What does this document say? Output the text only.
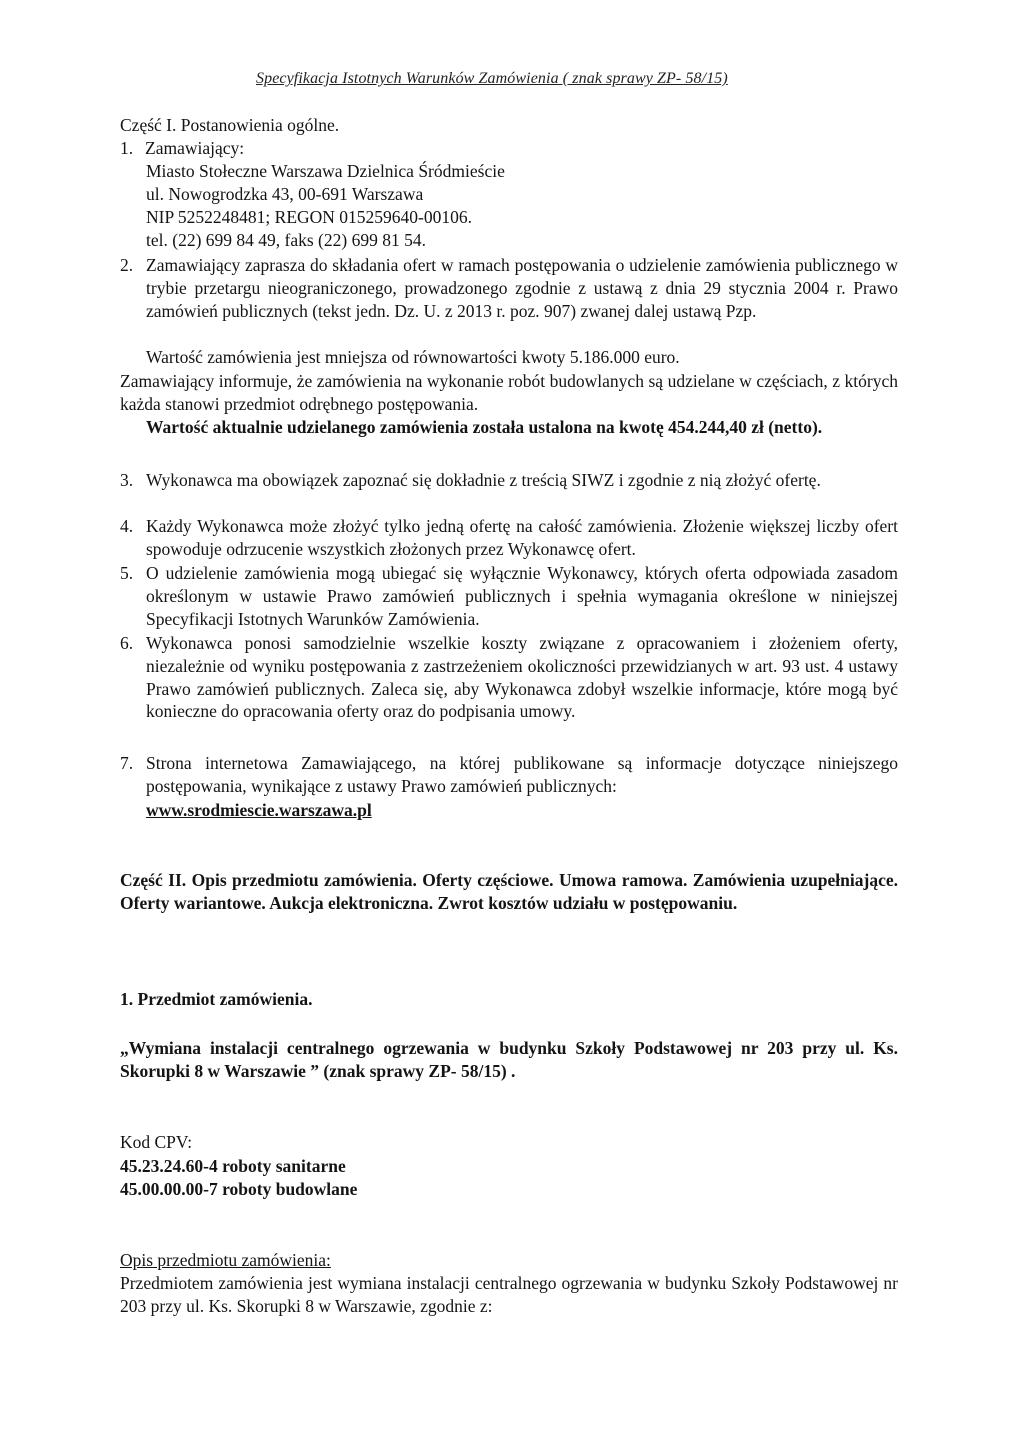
Specyfikacja Istotnych Warunków Zamówienia ( znak sprawy ZP- 58/15)
Część I. Postanowienia ogólne.
1. Zamawiający:
Miasto Stołeczne Warszawa Dzielnica Śródmieście
ul. Nowogrodzka 43, 00-691 Warszawa
NIP 5252248481; REGON 015259640-00106.
tel. (22) 699 84 49, faks (22) 699 81 54.
2. Zamawiający zaprasza do składania ofert w ramach postępowania o udzielenie zamówienia publicznego w trybie przetargu nieograniczonego, prowadzonego zgodnie z ustawą z dnia 29 stycznia 2004 r. Prawo zamówień publicznych (tekst jedn. Dz. U. z 2013 r. poz. 907) zwanej dalej ustawą Pzp.
Wartość zamówienia jest mniejsza od równowartości kwoty 5.186.000 euro.
Zamawiający informuje, że zamówienia na wykonanie robót budowlanych są udzielane w częściach, z których każda stanowi przedmiot odrębnego postępowania.
Wartość aktualnie udzielanego zamówienia została ustalona na kwotę 454.244,40 zł (netto).
3. Wykonawca ma obowiązek zapoznać się dokładnie z treścią SIWZ i zgodnie z nią złożyć ofertę.
4. Każdy Wykonawca może złożyć tylko jedną ofertę na całość zamówienia. Złożenie większej liczby ofert spowoduje odrzucenie wszystkich złożonych przez Wykonawcę ofert.
5. O udzielenie zamówienia mogą ubiegać się wyłącznie Wykonawcy, których oferta odpowiada zasadom określonym w ustawie Prawo zamówień publicznych i spełnia wymagania określone w niniejszej Specyfikacji Istotnych Warunków Zamówienia.
6. Wykonawca ponosi samodzielnie wszelkie koszty związane z opracowaniem i złożeniem oferty, niezależnie od wyniku postępowania z zastrzeżeniem okoliczności przewidzianych w art. 93 ust. 4 ustawy Prawo zamówień publicznych. Zaleca się, aby Wykonawca zdobył wszelkie informacje, które mogą być konieczne do opracowania oferty oraz do podpisania umowy.
7. Strona internetowa Zamawiającego, na której publikowane są informacje dotyczące niniejszego postępowania, wynikające z ustawy Prawo zamówień publicznych:
www.srodmiescie.warszawa.pl
Część II. Opis przedmiotu zamówienia. Oferty częściowe. Umowa ramowa. Zamówienia uzupełniające. Oferty wariantowe. Aukcja elektroniczna. Zwrot kosztów udziału w postępowaniu.
1. Przedmiot zamówienia.
„Wymiana instalacji centralnego ogrzewania w budynku Szkoły Podstawowej nr 203 przy ul. Ks. Skorupki 8 w Warszawie ” (znak sprawy ZP- 58/15) .
Kod CPV:
45.23.24.60-4 roboty sanitarne
45.00.00.00-7 roboty budowlane
Opis przedmiotu zamówienia:
Przedmiotem zamówienia jest wymiana instalacji centralnego ogrzewania w budynku Szkoły Podstawowej nr 203 przy ul. Ks. Skorupki 8 w Warszawie, zgodnie z:
